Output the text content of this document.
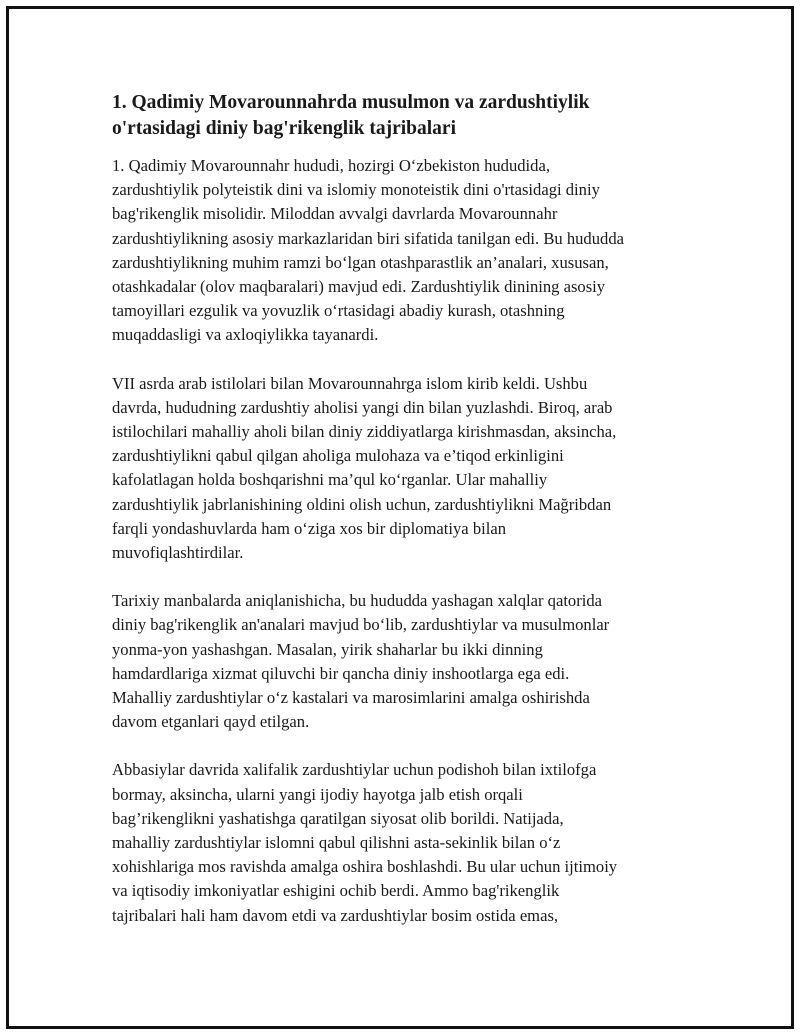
1. Qadimiy Movarounnahrda musulmon va zardushtiylik
o'rtasidagi diniy bag'rikenglik tajribalari

1. Qadimiy Movarounnahr hududi, hozirgi O‘zbekiston hududida,
zardushtiylik polyteistik dini va islomiy monoteistik dini o'rtasidagi diniy
bag'rikenglik misolidir. Miloddan avvalgi davrlarda Movarounnahr
zardushtiylikning asosiy markazlaridan biri sifatida tanilgan edi. Bu hududda
zardushtiylikning muhim ramzi bo‘lgan otashparastlik an’analari, xususan,
otashkadalar (olov maqbaralari) mavjud edi. Zardushtiylik dinining asosiy
tamoyillari ezgulik va yovuzlik o‘rtasidagi abadiy kurash, otashning
muqaddasligi va axloqiylikka tayanardi.

VII asrda arab istilolari bilan Movarounnahrga islom kirib keldi. Ushbu
davrda, hududning zardushtiy aholisi yangi din bilan yuzlashdi. Biroq, arab
istilochilari mahalliy aholi bilan diniy ziddiyatlarga kirishmasdan, aksincha,
zardushtiylikni qabul qilgan aholiga mulohaza va e’tiqod erkinligini
kafolatlagan holda boshqarishni ma’qul ko‘rganlar. Ular mahalliy
zardushtiylik jabrlanishining oldini olish uchun, zardushtiylikni Mağribdan
farqli yondashuvlarda ham o‘ziga xos bir diplomatiya bilan
muvofiqlashtirdilar.

Tarixiy manbalarda aniqlanishicha, bu hududda yashagan xalqlar qatorida
diniy bag'rikenglik an'analari mavjud bo‘lib, zardushtiylar va musulmonlar
yonma-yon yashashgan. Masalan, yirik shaharlar bu ikki dinning
hamdardlariga xizmat qiluvchi bir qancha diniy inshootlarga ega edi.
Mahalliy zardushtiylar o‘z kastalari va marosimlarini amalga oshirishda
davom etganlari qayd etilgan.

Abbasiylar davrida xalifalik zardushtiylar uchun podishoh bilan ixtilofga
bormay, aksincha, ularni yangi ijodiy hayotga jalb etish orqali
bag’rikenglikni yashatishga qaratilgan siyosat olib borildi. Natijada,
mahalliy zardushtiylar islomni qabul qilishni asta-sekinlik bilan o‘z
xohishlariga mos ravishda amalga oshira boshlashdi. Bu ular uchun ijtimoiy
va iqtisodiy imkoniyatlar eshigini ochib berdi. Ammo bag'rikenglik
tajribalari hali ham davom etdi va zardushtiylar bosim ostida emas,
